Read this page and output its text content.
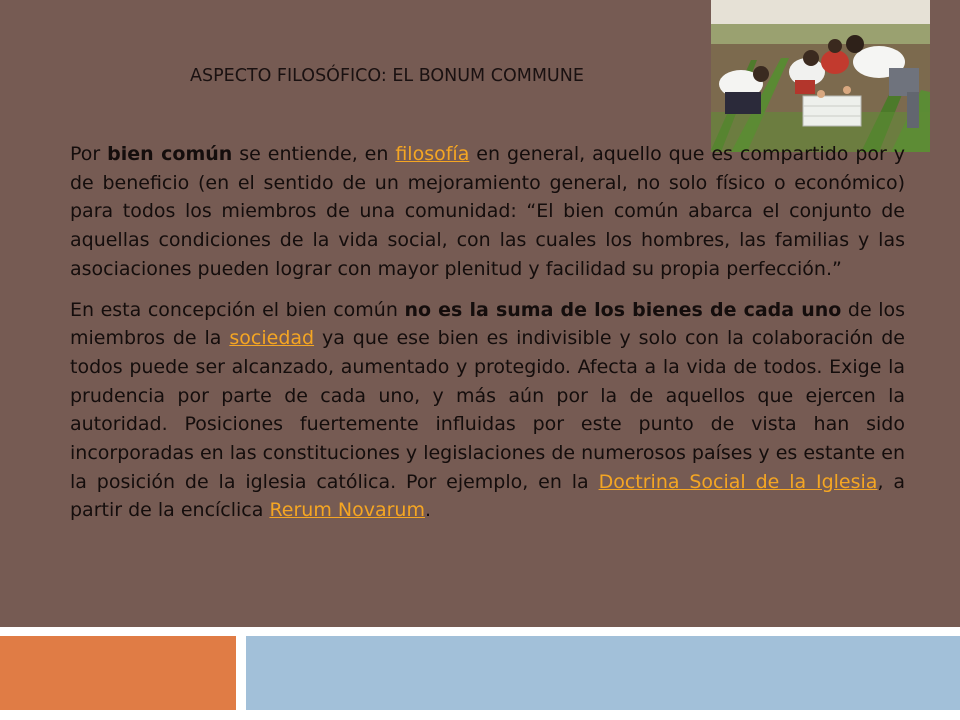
ASPECTO FILOSÓFICO: EL BONUM COMMUNE

Por bien común se entiende, en filosofía en general, aquello que es compartido por y de beneficio (en el sentido de un mejoramiento general, no solo físico o económico) para todos los miembros de una comunidad: “El bien común abarca el conjunto de aquellas condiciones de la vida social, con las cuales los hombres, las familias y las asociaciones pueden lograr con mayor plenitud y facilidad su propia perfección.”

En esta concepción el bien común no es la suma de los bienes de cada uno de los miembros de la sociedad ya que ese bien es indivisible y solo con la colaboración de todos puede ser alcanzado, aumentado y protegido. Afecta a la vida de todos. Exige la prudencia por parte de cada uno, y más aún por la de aquellos que ejercen la autoridad. Posiciones fuertemente influidas por este punto de vista han sido incorporadas en las constituciones y legislaciones de numerosos países y es estante en la posición de la iglesia católica. Por ejemplo, en la Doctrina Social de la Iglesia, a partir de la encíclica Rerum Novarum.
